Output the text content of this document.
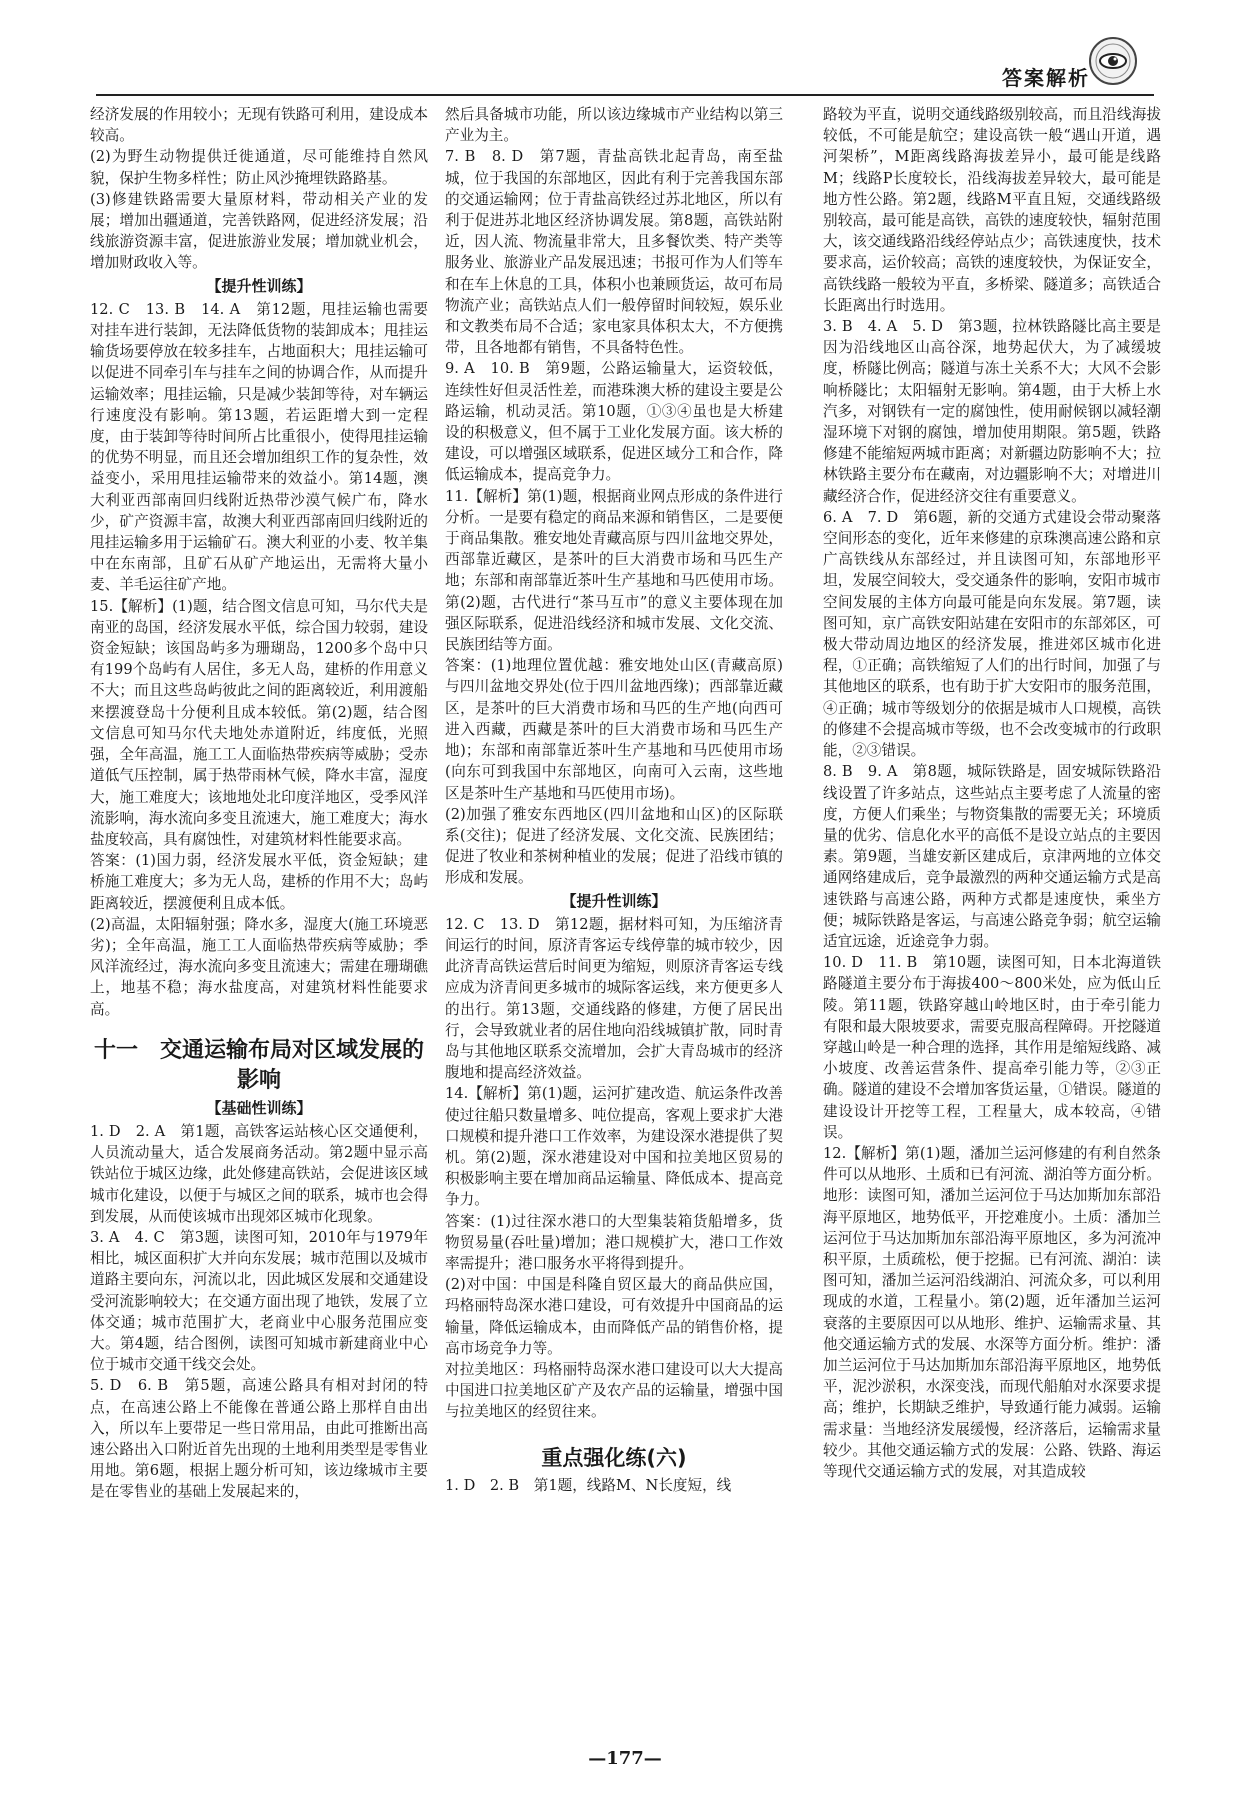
答案解析

经济发展的作用较小；无现有铁路可利用，建设成本较高。

(2)为野生动物提供迁徙通道，尽可能维持自然风貌，保护生物多样性；防止风沙掩埋铁路路基。

(3)修建铁路需要大量原材料，带动相关产业的发展；增加出疆通道，完善铁路网，促进经济发展；沿线旅游资源丰富，促进旅游业发展；增加就业机会，增加财政收入等。

【提升性训练】

12. C　13. B　14. A　第12题，甩挂运输也需要对挂车进行装卸，无法降低货物的装卸成本；甩挂运输货场要停放在较多挂车，占地面积大；甩挂运输可以促进不同牵引车与挂车之间的协调合作，从而提升运输效率；甩挂运输，只是减少装卸等待，对车辆运行速度没有影响。第13题，若运距增大到一定程度，由于装卸等待时间所占比重很小，使得甩挂运输的优势不明显，而且还会增加组织工作的复杂性，效益变小，采用甩挂运输带来的效益小。第14题，澳大利亚西部南回归线附近热带沙漠气候广布，降水少，矿产资源丰富，故澳大利亚西部南回归线附近的甩挂运输多用于运输矿石。澳大利亚的小麦、牧羊集中在东南部，且矿石从矿产地运出，无需将大量小麦、羊毛运往矿产地。

15.【解析】(1)题，结合图文信息可知，马尔代夫是南亚的岛国，经济发展水平低，综合国力较弱，建设资金短缺；该国岛屿多为珊瑚岛，1200多个岛中只有199个岛屿有人居住，多无人岛，建桥的作用意义不大；而且这些岛屿彼此之间的距离较近，利用渡船来摆渡登岛十分便利且成本较低。第(2)题，结合图文信息可知马尔代夫地处赤道附近，纬度低，光照强，全年高温，施工工人面临热带疾病等威胁；受赤道低气压控制，属于热带雨林气候，降水丰富，湿度大，施工难度大；该地地处北印度洋地区，受季风洋流影响，海水流向多变且流速大，施工难度大；海水盐度较高，具有腐蚀性，对建筑材料性能要求高。

答案：(1)国力弱，经济发展水平低，资金短缺；建桥施工难度大；多为无人岛，建桥的作用不大；岛屿距离较近，摆渡便利且成本低。

(2)高温，太阳辐射强；降水多，湿度大(施工环境恶劣)；全年高温，施工工人面临热带疾病等威胁；季风洋流经过，海水流向多变且流速大；需建在珊瑚礁上，地基不稳；海水盐度高，对建筑材料性能要求高。

十一　交通运输布局对区域发展的影响
【基础性训练】

1. D　2. A　第1题，高铁客运站核心区交通便利，人员流动量大，适合发展商务活动。第2题中显示高铁站位于城区边缘，此处修建高铁站，会促进该区域城市化建设，以便于与城区之间的联系，城市也会得到发展，从而使该城市出现郊区城市化现象。

3. A　4. C　第3题，读图可知，2010年与1979年相比，城区面积扩大并向东发展；城市范围以及城市道路主要向东，河流以北，因此城区发展和交通建设受河流影响较大；在交通方面出现了地铁，发展了立体交通；城市范围扩大，老商业中心服务范围应变大。第4题，结合图例，读图可知城市新建商业中心位于城市交通干线交会处。

5. D　6. B　第5题，高速公路具有相对封闭的特点，在高速公路上不能像在普通公路上那样自由出入，所以车上要带足一些日常用品，由此可推断出高速公路出入口附近首先出现的土地利用类型是零售业用地。第6题，根据上题分析可知，该边缘城市主要是在零售业的基础上发展起来的，

然后具备城市功能，所以该边缘城市产业结构以第三产业为主。

7. B　8. D　第7题，青盐高铁北起青岛，南至盐城，位于我国的东部地区，因此有利于完善我国东部的交通运输网；位于青盐高铁经过苏北地区，所以有利于促进苏北地区经济协调发展。第8题，高铁站附近，因人流、物流量非常大，且多餐饮类、特产类等服务业、旅游业产品发展迅速；书报可作为人们等车和在车上休息的工具，体积小也兼顾货运，故可布局物流产业；高铁站点人们一般停留时间较短，娱乐业和文教类布局不合适；家电家具体积太大，不方便携带，且各地都有销售，不具备特色性。

9. A　10. B　第9题，公路运输量大，运资较低，连续性好但灵活性差，而港珠澳大桥的建设主要是公路运输，机动灵活。第10题，①③④虽也是大桥建设的积极意义，但不属于工业化发展方面。该大桥的建设，可以增强区域联系，促进区域分工和合作，降低运输成本，提高竞争力。

11.【解析】第(1)题，根据商业网点形成的条件进行分析。一是要有稳定的商品来源和销售区，二是要便于商品集散。雅安地处青藏高原与四川盆地交界处，西部靠近藏区，是茶叶的巨大消费市场和马匹生产地；东部和南部靠近茶叶生产基地和马匹使用市场。第(2)题，古代进行“茶马互市”的意义主要体现在加强区际联系，促进沿线经济和城市发展、文化交流、民族团结等方面。

答案：(1)地理位置优越：雅安地处山区(青藏高原)与四川盆地交界处(位于四川盆地西缘)；西部靠近藏区，是茶叶的巨大消费市场和马匹的生产地(向西可进入西藏，西藏是茶叶的巨大消费市场和马匹生产地)；东部和南部靠近茶叶生产基地和马匹使用市场(向东可到我国中东部地区，向南可入云南，这些地区是茶叶生产基地和马匹使用市场)。

(2)加强了雅安东西地区(四川盆地和山区)的区际联系(交往)；促进了经济发展、文化交流、民族团结；促进了牧业和茶树种植业的发展；促进了沿线市镇的形成和发展。

【提升性训练】

12. C　13. D　第12题，据材料可知，为压缩济青间运行的时间，原济青客运专线停靠的城市较少，因此济青高铁运营后时间更为缩短，则原济青客运专线应成为济青间更多城市的城际客运线，来方便更多人的出行。第13题，交通线路的修建，方便了居民出行，会导致就业者的居住地向沿线城镇扩散，同时青岛与其他地区联系交流增加，会扩大青岛城市的经济腹地和提高经济效益。

14.【解析】第(1)题，运河扩建改造、航运条件改善使过往船只数量增多、吨位提高，客观上要求扩大港口规模和提升港口工作效率，为建设深水港提供了契机。第(2)题，深水港建设对中国和拉美地区贸易的积极影响主要在增加商品运输量、降低成本、提高竞争力。

答案：(1)过往深水港口的大型集装箱货船增多，货物贸易量(吞吐量)增加；港口规模扩大，港口工作效率需提升；港口服务水平将得到提升。

(2)对中国：中国是科隆自贸区最大的商品供应国，玛格丽特岛深水港口建设，可有效提升中国商品的运输量，降低运输成本，由而降低产品的销售价格，提高市场竞争力等。

对拉美地区：玛格丽特岛深水港口建设可以大大提高中国进口拉美地区矿产及农产品的运输量，增强中国与拉美地区的经贸往来。

重点强化练(六)

1. D　2. B　第1题，线路M、N长度短，线

路较为平直，说明交通线路级别较高，而且沿线海拔较低，不可能是航空；建设高铁一般“遇山开道，遇河架桥”，M距离线路海拔差异小，最可能是线路M；线路P长度较长，沿线海拔差异较大，最可能是地方性公路。第2题，线路M平直且短，交通线路级别较高，最可能是高铁，高铁的速度较快，辐射范围大，该交通线路沿线经停站点少；高铁速度快，技术要求高，运价较高；高铁的速度较快，为保证安全，高铁线路一般较为平直，多桥梁、隧道多；高铁适合长距离出行时选用。

3. B　4. A　5. D　第3题，拉林铁路隧比高主要是因为沿线地区山高谷深，地势起伏大，为了减缓坡度，桥隧比例高；隧道与冻土关系不大；大风不会影响桥隧比；太阳辐射无影响。第4题，由于大桥上水汽多，对钢铁有一定的腐蚀性，使用耐候钢以减轻潮湿环境下对钢的腐蚀，增加使用期限。第5题，铁路修建不能缩短两城市距离；对新疆边防影响不大；拉林铁路主要分布在藏南，对边疆影响不大；对增进川藏经济合作，促进经济交往有重要意义。

6. A　7. D　第6题，新的交通方式建设会带动聚落空间形态的变化，近年来修建的京珠澳高速公路和京广高铁线从东部经过，并且读图可知，东部地形平坦，发展空间较大，受交通条件的影响，安阳市城市空间发展的主体方向最可能是向东发展。第7题，读图可知，京广高铁安阳站建在安阳市的东部郊区，可极大带动周边地区的经济发展，推进郊区城市化进程，①正确；高铁缩短了人们的出行时间，加强了与其他地区的联系，也有助于扩大安阳市的服务范围，④正确；城市等级划分的依据是城市人口规模，高铁的修建不会提高城市等级，也不会改变城市的行政职能，②③错误。

8. B　9. A　第8题，城际铁路是，固安城际铁路沿线设置了许多站点，这些站点主要考虑了人流量的密度，方便人们乘坐；与物资集散的需要无关；环境质量的优劣、信息化水平的高低不是设立站点的主要因素。第9题，当雄安新区建成后，京津两地的立体交通网络建成后，竞争最激烈的两种交通运输方式是高速铁路与高速公路，两种方式都是速度快，乘坐方便；城际铁路是客运，与高速公路竞争弱；航空运输适宜远途，近途竞争力弱。

10. D　11. B　第10题，读图可知，日本北海道铁路隧道主要分布于海拔400～800米处，应为低山丘陵。第11题，铁路穿越山岭地区时，由于牵引能力有限和最大限坡要求，需要克服高程障碍。开挖隧道穿越山岭是一种合理的选择，其作用是缩短线路、减小坡度、改善运营条件、提高牵引能力等，②③正确。隧道的建设不会增加客货运量，①错误。隧道的建设设计开挖等工程，工程量大，成本较高，④错误。

12.【解析】第(1)题，潘加兰运河修建的有利自然条件可以从地形、土质和已有河流、湖泊等方面分析。地形：读图可知，潘加兰运河位于马达加斯加东部沿海平原地区，地势低平，开挖难度小。土质：潘加兰运河位于马达加斯加东部沿海平原地区，多为河流冲积平原，土质疏松，便于挖掘。已有河流、湖泊：读图可知，潘加兰运河沿线湖泊、河流众多，可以利用现成的水道，工程量小。第(2)题，近年潘加兰运河衰落的主要原因可以从地形、维护、运输需求量、其他交通运输方式的发展、水深等方面分析。维护：潘加兰运河位于马达加斯加东部沿海平原地区，地势低平，泥沙淤积，水深变浅，而现代船舶对水深要求提高；维护，长期缺乏维护，导致通行能力减弱。运输需求量：当地经济发展缓慢，经济落后，运输需求量较少。其他交通运输方式的发展：公路、铁路、海运等现代交通运输方式的发展，对其造成较

—177—
